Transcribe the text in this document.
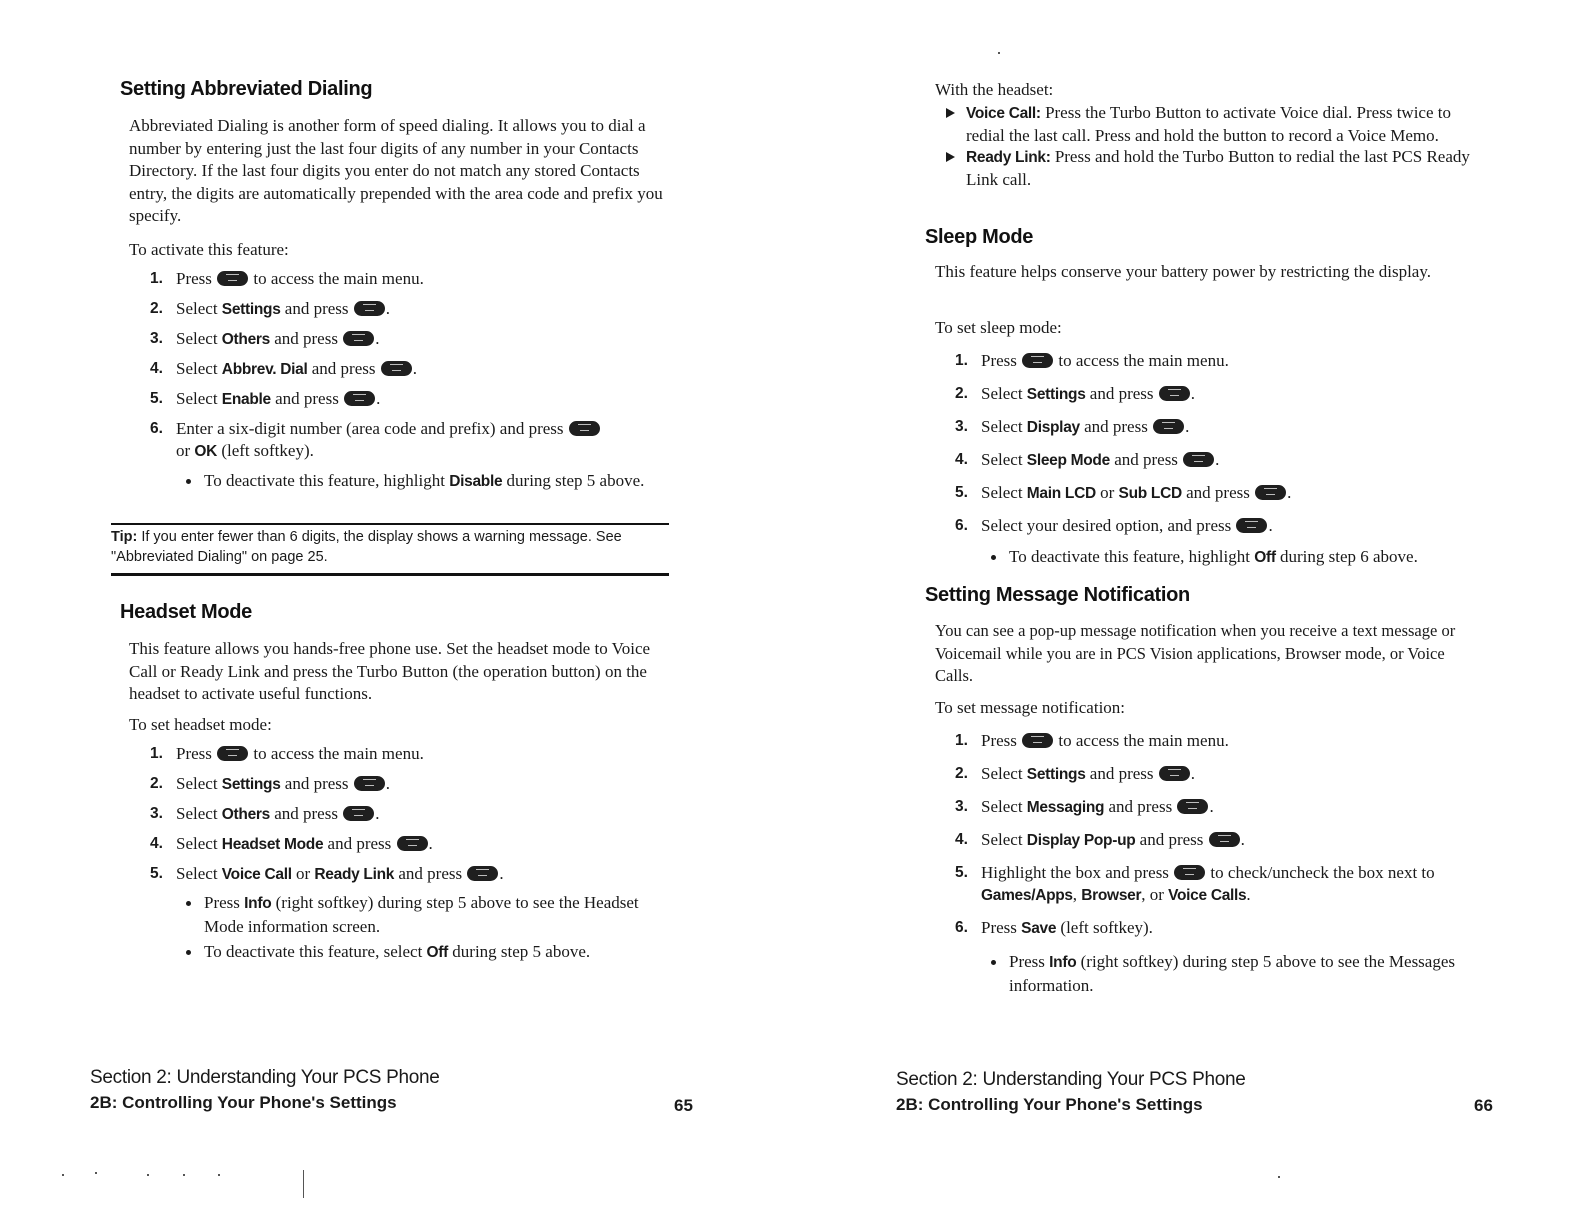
Setting Abbreviated Dialing

Abbreviated Dialing is another form of speed dialing. It allows you to dial a number by entering just the last four digits of any number in your Contacts Directory. If the last four digits you enter do not match any stored Contacts entry, the digits are automatically prepended with the area code and prefix you specify.

To activate this feature:

1. Press to access the main menu.
2. Select Settings and press .
3. Select Others and press .
4. Select Abbrev. Dial and press .
5. Select Enable and press .
6. Enter a six-digit number (area code and prefix) and press
or OK (left softkey).
To deactivate this feature, highlight Disable during step 5 above.
Tip: If you enter fewer than 6 digits, the display shows a warning message. See "Abbreviated Dialing" on page 25.
Headset Mode

This feature allows you hands-free phone use. Set the headset mode to Voice Call or Ready Link and press the Turbo Button (the operation button) on the headset to activate useful functions.

To set headset mode:

1. Press to access the main menu.
2. Select Settings and press .
3. Select Others and press .
4. Select Headset Mode and press .
5. Select Voice Call or Ready Link and press .
Press Info (right softkey) during step 5 above to see the Headset Mode information screen.
To deactivate this feature, select Off during step 5 above.
Section 2: Understanding Your PCS Phone
2B: Controlling Your Phone's Settings	65

With the headset:

Voice Call: Press the Turbo Button to activate Voice dial. Press twice to redial the last call. Press and hold the button to record a Voice Memo.
Ready Link: Press and hold the Turbo Button to redial the last PCS Ready Link call.
Sleep Mode

This feature helps conserve your battery power by restricting the display.

To set sleep mode:

1. Press to access the main menu.
2. Select Settings and press .
3. Select Display and press .
4. Select Sleep Mode and press .
5. Select Main LCD or Sub LCD and press .
6. Select your desired option, and press .
To deactivate this feature, highlight Off during step 6 above.
Setting Message Notification

You can see a pop-up message notification when you receive a text message or Voicemail while you are in PCS Vision applications, Browser mode, or Voice Calls.

To set message notification:

1. Press to access the main menu.
2. Select Settings and press .
3. Select Messaging and press .
4. Select Display Pop-up and press .
5. Highlight the box and press to check/uncheck the box next to
Games/Apps, Browser, or Voice Calls.
6. Press Save (left softkey).
Press Info (right softkey) during step 5 above to see the Messages information.
Section 2: Understanding Your PCS Phone
2B: Controlling Your Phone's Settings	66
